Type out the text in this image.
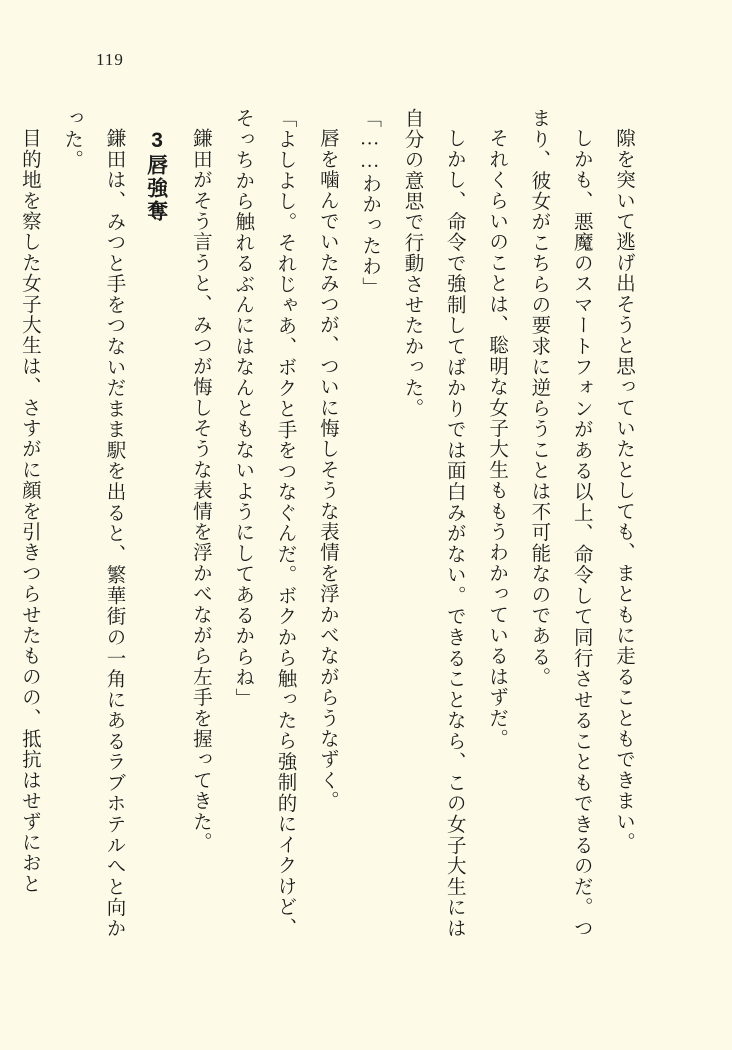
119

隙を突いて逃げ出そうと思っていたとしても、まともに走ることもできまい。

しかも、悪魔のスマートフォンがある以上、命令して同行させることもできるのだ。つまり、彼女がこちらの要求に逆らうことは不可能なのである。

それくらいのことは、聡明な女子大生ももうわかっているはずだ。

しかし、命令で強制してばかりでは面白みがない。できることなら、この女子大生には自分の意思で行動させたかった。

「……わかったわ」

唇を噛んでいたみつが、ついに悔しそうな表情を浮かべながらうなずく。

「よしよし。それじゃあ、ボクと手をつなぐんだ。ボクから触ったら強制的にイクけど、そっちから触れるぶんにはなんともないようにしてあるからね」

鎌田がそう言うと、みつが悔しそうな表情を浮かべながら左手を握ってきた。

3唇強奪

鎌田は、みつと手をつないだまま駅を出ると、繁華街の一角にあるラブホテルへと向かった。

目的地を察した女子大生は、さすがに顔を引きつらせたものの、抵抗はせずにおと
